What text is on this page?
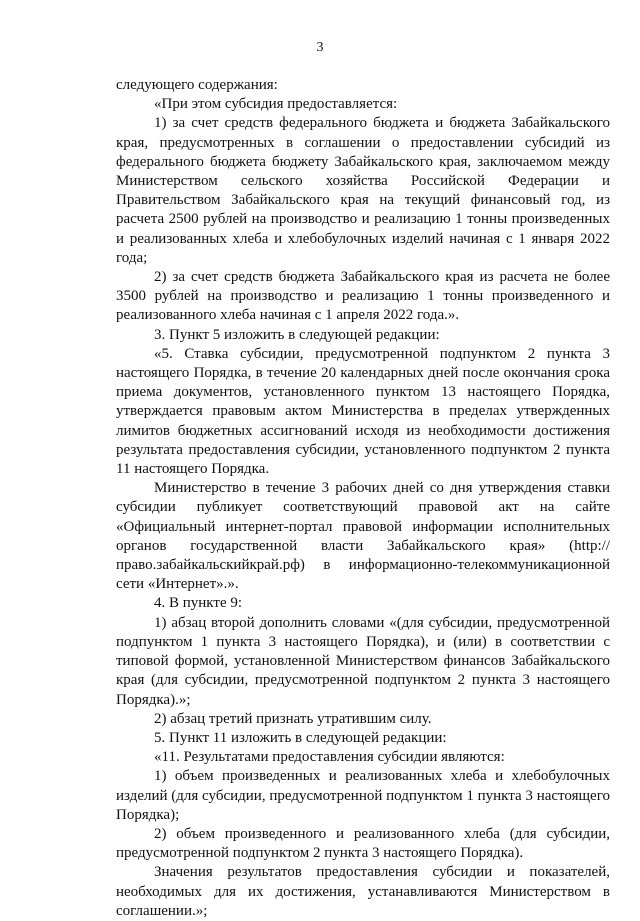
3

следующего содержания:

«При этом субсидия предоставляется:

1) за счет средств федерального бюджета и бюджета Забайкальского края, предусмотренных в соглашении о предоставлении субсидий из федерального бюджета бюджету Забайкальского края, заключаемом между Министерством сельского хозяйства Российской Федерации и Правительством Забайкальского края на текущий финансовый год, из расчета 2500 рублей на производство и реализацию 1 тонны произведенных и реализованных хлеба и хлебобулочных изделий начиная с 1 января 2022 года;

2) за счет средств бюджета Забайкальского края из расчета не более 3500 рублей на производство и реализацию 1 тонны произведенного и реализованного хлеба начиная с 1 апреля 2022 года.».

3. Пункт 5 изложить в следующей редакции:

«5. Ставка субсидии, предусмотренной подпунктом 2 пункта 3 настоящего Порядка, в течение 20 календарных дней после окончания срока приема документов, установленного пунктом 13 настоящего Порядка, утверждается правовым актом Министерства в пределах утвержденных лимитов бюджетных ассигнований исходя из необходимости достижения результата предоставления субсидии, установленного подпунктом 2 пункта 11 настоящего Порядка.

Министерство в течение 3 рабочих дней со дня утверждения ставки субсидии публикует соответствующий правовой акт на сайте «Официальный интернет-портал правовой информации исполнительных органов государственной власти Забайкальского края» (http://право.забайкальскийкрай.рф) в информационно-телекоммуникационной сети «Интернет».».

4. В пункте 9:

1) абзац второй дополнить словами «(для субсидии, предусмотренной подпунктом 1 пункта 3 настоящего Порядка), и (или) в соответствии с типовой формой, установленной Министерством финансов Забайкальского края (для субсидии, предусмотренной подпунктом 2 пункта 3 настоящего Порядка).»;

2) абзац третий признать утратившим силу.

5. Пункт 11 изложить в следующей редакции:

«11. Результатами предоставления субсидии являются:

1) объем произведенных и реализованных хлеба и хлебобулочных изделий (для субсидии, предусмотренной подпунктом 1 пункта 3 настоящего Порядка);

2) объем произведенного и реализованного хлеба (для субсидии, предусмотренной подпунктом 2 пункта 3 настоящего Порядка).

Значения результатов предоставления субсидии и показателей, необходимых для их достижения, устанавливаются Министерством в соглашении.»;
